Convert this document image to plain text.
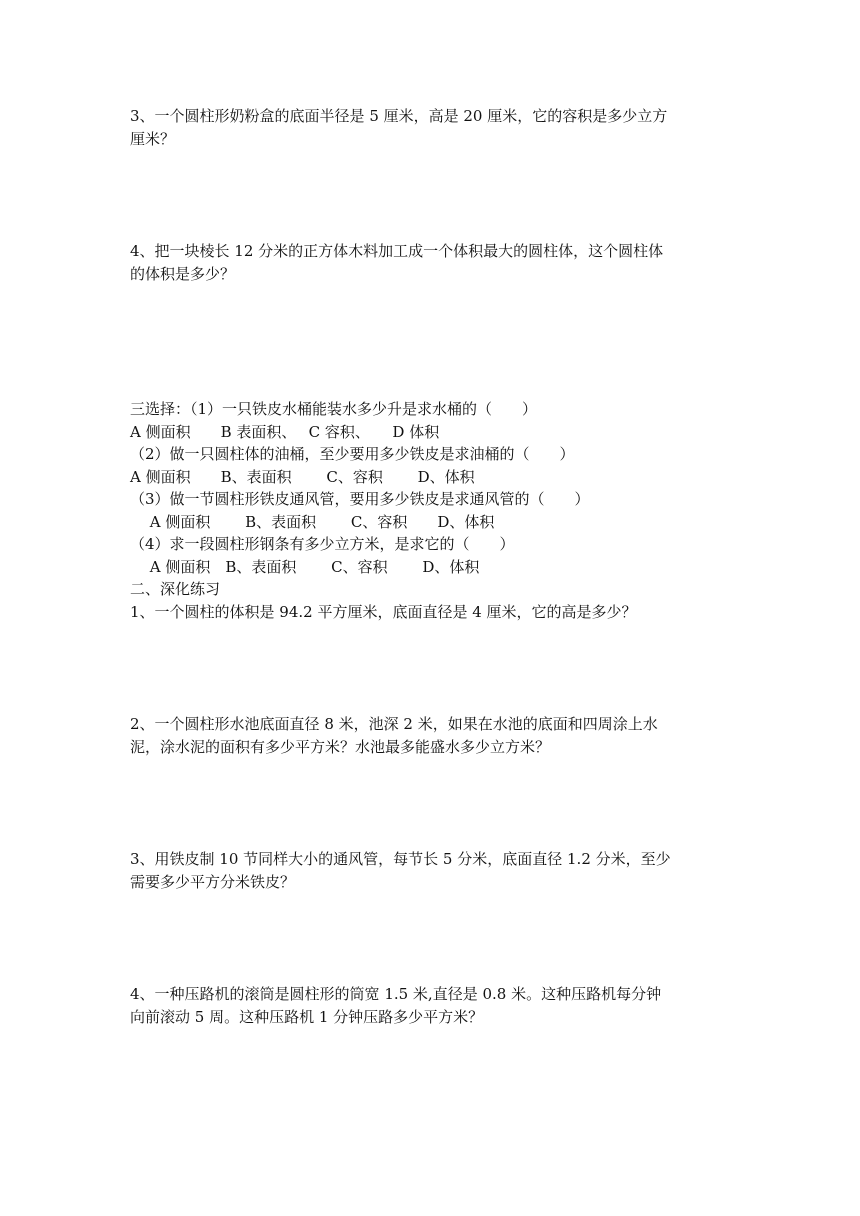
3、一个圆柱形奶粉盒的底面半径是 5 厘米，高是 20 厘米，它的容积是多少立方
厘米？
4、把一块棱长 12 分米的正方体木料加工成一个体积最大的圆柱体，这个圆柱体
的体积是多少？
三选择：（1）一只铁皮水桶能装水多少升是求水桶的（　　）
A 侧面积　　B 表面积、　 C 容积、　　D 体积
（2）做一只圆柱体的油桶，至少要用多少铁皮是求油桶的（　　）
A 侧面积　　B、表面积　　 C、容积　　 D、体积
（3）做一节圆柱形铁皮通风管，要用多少铁皮是求通风管的（　　）
　 A 侧面积　　 B、表面积　　 C、容积　　D、体积
（4）求一段圆柱形钢条有多少立方米，是求它的（　　）
　 A 侧面积　B、表面积　　 C、容积　　 D、体积
二、深化练习
1、一个圆柱的体积是 94.2 平方厘米，底面直径是 4 厘米，它的高是多少？
2、一个圆柱形水池底面直径 8 米，池深 2 米，如果在水池的底面和四周涂上水
泥，涂水泥的面积有多少平方米？水池最多能盛水多少立方米？
3、用铁皮制 10 节同样大小的通风管，每节长 5 分米，底面直径 1.2 分米，至少
需要多少平方分米铁皮？
4、一种压路机的滚筒是圆柱形的筒宽 1.5 米,直径是 0.8 米。这种压路机每分钟
向前滚动 5 周。这种压路机 1 分钟压路多少平方米？
